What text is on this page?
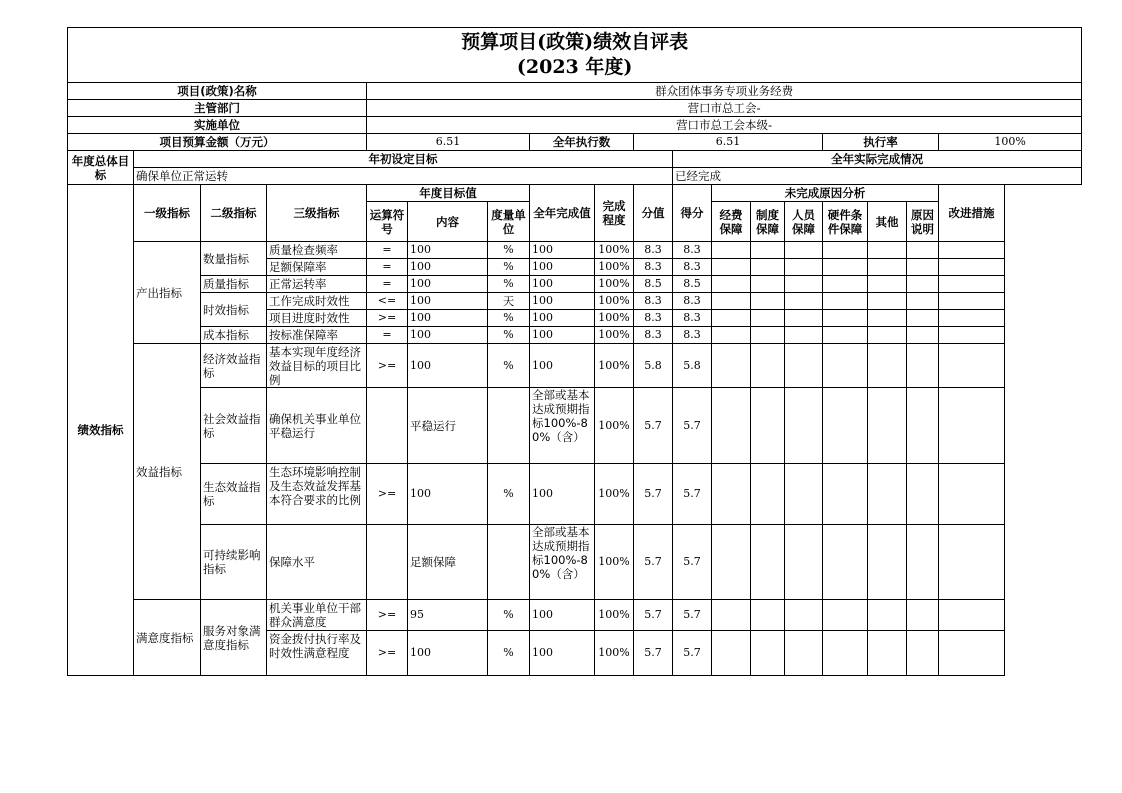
预算项目(政策)绩效自评表
(2023 年度)																	

项目(政策)名称				群众团体事务专项业务经费													
主管部门				营口市总工会-													
实施单位				营口市总工会本级-													
项目预算金额（万元）				6.51			全年执行数		6.51					执行率			100%
年度总体目标	年初设定目标									全年实际完成情况							
	确保单位正常运转									已经完成							
绩效指标	一级指标	二级指标	三级指标	年度目标值			全年完成值	完成程度	分值	得分	未完成原因分析						改进措施
				运算符号	内容	度量单位					经费保障	制度保障	人员保障	硬件条件保障	其他	原因说明	
	产出指标	数量指标	质量检查频率	=	100	%	100	100%	8.3	8.3							
			足额保障率	=	100	%	100	100%	8.3	8.3							
		质量指标	正常运转率	=	100	%	100	100%	8.5	8.5							
		时效指标	工作完成时效性	<=	100	天	100	100%	8.3	8.3							
			项目进度时效性	>=	100	%	100	100%	8.3	8.3							
		成本指标	按标准保障率	=	100	%	100	100%	8.3	8.3							
	效益指标	经济效益指标	基本实现年度经济效益目标的项目比例	>=	100	%	100	100%	5.8	5.8							
		社会效益指标	确保机关事业单位平稳运行		平稳运行		全部或基本达成预期指标100%-80%（含）	100%	5.7	5.7							
		生态效益指标	生态环境影响控制及生态效益发挥基本符合要求的比例	>=	100	%	100	100%	5.7	5.7							
		可持续影响指标	保障水平		足额保障		全部或基本达成预期指标100%-80%（含）	100%	5.7	5.7							
	满意度指标	服务对象满意度指标	机关事业单位干部群众满意度	>=	95	%	100	100%	5.7	5.7							

			资金拨付执行率及时效性满意程度	>=	100	%	100	100%	5.7	5.7							
